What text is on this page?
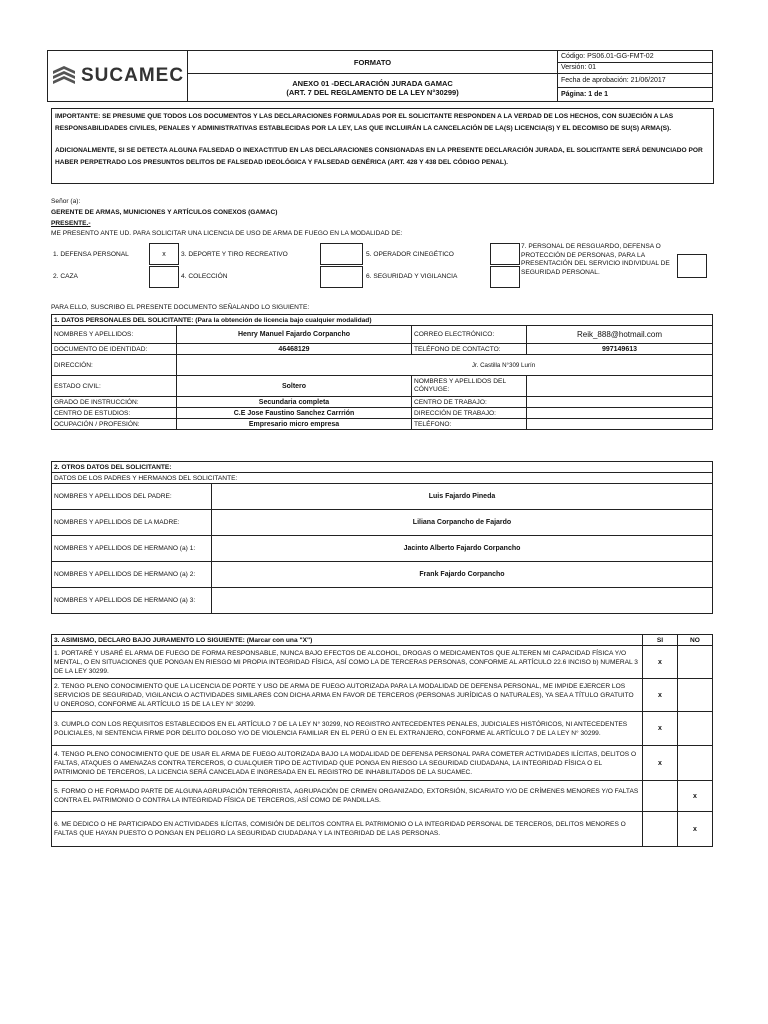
SUCAMEC	FORMATO	Código: PS06.01-GG-FMT-02
		Versión: 01

	ANEXO 01 -DECLARACIÓN JURADA GAMAC
(ART. 7 DEL REGLAMENTO DE LA LEY N°30299)	Fecha de aprobación: 21/06/2017
		Página: 1 de 1

IMPORTANTE: SE PRESUME QUE TODOS LOS DOCUMENTOS Y LAS DECLARACIONES FORMULADAS POR EL SOLICITANTE RESPONDEN A LA VERDAD DE LOS HECHOS, CON SUJECIÓN A LAS RESPONSABILIDADES CIVILES, PENALES Y ADMINISTRATIVAS ESTABLECIDAS POR LA LEY, LAS QUE INCLUIRÁN LA CANCELACIÓN DE LA(S) LICENCIA(S) Y EL DECOMISO DE SU(S) ARMA(S).

ADICIONALMENTE, SI SE DETECTA ALGUNA FALSEDAD O INEXACTITUD EN LAS DECLARACIONES CONSIGNADAS EN LA PRESENTE DECLARACIÓN JURADA, EL SOLICITANTE SERÁ DENUNCIADO POR HABER PERPETRADO LOS PRESUNTOS DELITOS DE FALSEDAD IDEOLÓGICA Y FALSEDAD GENÉRICA (ART. 428 Y 438 DEL CÓDIGO PENAL).

Señor (a):
GERENTE DE ARMAS, MUNICIONES Y ARTÍCULOS CONEXOS (GAMAC)
PRESENTE.-
ME PRESENTO ANTE UD. PARA SOLICITAR UNA LICENCIA DE USO DE ARMA DE FUEGO EN LA MODALIDAD DE:
1. DEFENSA PERSONAL	x
2. CAZA
3. DEPORTE Y TIRO RECREATIVO
4. COLECCIÓN
5. OPERADOR CINEGÉTICO
6. SEGURIDAD Y VIGILANCIA
7. PERSONAL DE RESGUARDO, DEFENSA O PROTECCIÓN DE PERSONAS, PARA LA PRESENTACIÓN DEL SERVICIO INDIVIDUAL DE SEGURIDAD PERSONAL.
PARA ELLO, SUSCRIBO EL PRESENTE DOCUMENTO SEÑALANDO LO SIGUIENTE:
1. DATOS PERSONALES DEL SOLICITANTE: (Para la obtención de licencia bajo cualquier modalidad)			
NOMBRES Y APELLIDOS:	Henry Manuel Fajardo Corpancho	CORREO ELECTRÓNICO:	Reik_888@hotmail.com
DOCUMENTO DE IDENTIDAD:	46468129	TELÉFONO DE CONTACTO:	997149613
DIRECCIÓN:	Jr. Castilla N°309 Lurín		
ESTADO CIVIL:	Soltero	NOMBRES Y APELLIDOS DEL CÓNYUGE:	
GRADO DE INSTRUCCIÓN:	Secundaria completa	CENTRO DE TRABAJO:	
CENTRO DE ESTUDIOS:	C.E Jose Faustino Sanchez Carrrión	DIRECCIÓN DE TRABAJO:	
OCUPACIÓN / PROFESIÓN:	Empresario micro empresa	TELÉFONO:	
2. OTROS DATOS DEL SOLICITANTE:	
DATOS DE LOS PADRES Y HERMANOS DEL SOLICITANTE:	
NOMBRES Y APELLIDOS DEL PADRE:	Luis Fajardo Pineda
NOMBRES Y APELLIDOS DE LA MADRE:	Liliana Corpancho de Fajardo
NOMBRES Y APELLIDOS DE HERMANO (a) 1:	Jacinto Alberto Fajardo Corpancho
NOMBRES Y APELLIDOS DE HERMANO (a) 2:	Frank Fajardo Corpancho
NOMBRES Y APELLIDOS DE HERMANO (a) 3:	
3. ASIMISMO, DECLARO BAJO JURAMENTO LO SIGUIENTE: (Marcar con una "X")	SI	NO
1. PORTARÉ Y USARÉ EL ARMA DE FUEGO DE FORMA RESPONSABLE, NUNCA BAJO EFECTOS DE ALCOHOL, DROGAS O MEDICAMENTOS QUE ALTEREN MI CAPACIDAD FÍSICA Y/O MENTAL, O EN SITUACIONES QUE PONGAN EN RIESGO MI PROPIA INTEGRIDAD FÍSICA, ASÍ COMO LA DE TERCERAS PERSONAS, CONFORME AL ARTÍCULO 22.6 INCISO b) NUMERAL 3 DE LA LEY 30299.	x	
2. TENGO PLENO CONOCIMIENTO QUE LA LICENCIA DE PORTE Y USO DE ARMA DE FUEGO AUTORIZADA PARA LA MODALIDAD DE DEFENSA PERSONAL, ME IMPIDE EJERCER LOS SERVICIOS DE SEGURIDAD, VIGILANCIA O ACTIVIDADES SIMILARES CON DICHA ARMA EN FAVOR DE TERCEROS (PERSONAS JURÍDICAS O NATURALES), YA SEA A TÍTULO GRATUITO U ONEROSO, CONFORME AL ARTÍCULO 15 DE LA LEY N° 30299.	x	
3. CUMPLO CON LOS REQUISITOS ESTABLECIDOS EN EL ARTÍCULO 7 DE LA LEY N° 30299, NO REGISTRO ANTECEDENTES PENALES, JUDICIALES HISTÓRICOS, NI ANTECEDENTES POLICIALES, NI SENTENCIA FIRME POR DELITO DOLOSO Y/O DE VIOLENCIA FAMILIAR EN EL PERÚ O EN EL EXTRANJERO, CONFORME AL ARTÍCULO 7 DE LA LEY N° 30299.	x	
4. TENGO PLENO CONOCIMIENTO QUE DE USAR EL ARMA DE FUEGO AUTORIZADA BAJO LA MODALIDAD DE DEFENSA PERSONAL PARA COMETER ACTIVIDADES ILÍCITAS, DELITOS O FALTAS, ATAQUES O AMENAZAS CONTRA TERCEROS, O CUALQUIER TIPO DE ACTIVIDAD QUE PONGA EN RIESGO LA SEGURIDAD CIUDADANA, LA INTEGRIDAD FÍSICA O EL PATRIMONIO DE TERCEROS, LA LICENCIA SERÁ CANCELADA E INGRESADA EN EL REGISTRO DE INHABILITADOS DE LA SUCAMEC.	x	
5. FORMO O HE FORMADO PARTE DE ALGUNA AGRUPACIÓN TERRORISTA, AGRUPACIÓN DE CRIMEN ORGANIZADO, EXTORSIÓN, SICARIATO Y/O DE CRÍMENES MENORES Y/O FALTAS CONTRA EL PATRIMONIO O CONTRA LA INTEGRIDAD FÍSICA DE TERCEROS, ASÍ COMO DE PANDILLAS.		x
6. ME DEDICO O HE PARTICIPADO EN ACTIVIDADES ILÍCITAS, COMISIÓN DE DELITOS CONTRA EL PATRIMONIO O LA INTEGRIDAD PERSONAL DE TERCEROS, DELITOS MENORES O FALTAS QUE HAYAN PUESTO O PONGAN EN PELIGRO LA SEGURIDAD CIUDADANA Y LA INTEGRIDAD DE LAS PERSONAS.		x
